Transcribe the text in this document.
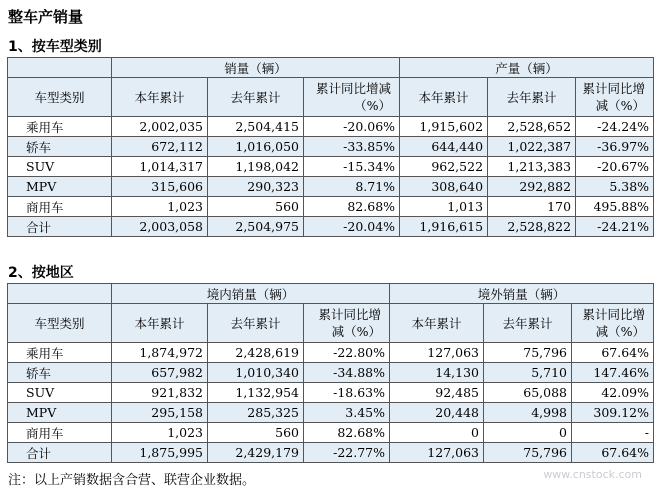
整车产销量
1、按车型类别
	销量（辆）			产量（辆）		
车型类别	本年累计	去年累计	累计同比增减（%）	本年累计	去年累计	累计同比增减（%）
乘用车	2,002,035	2,504,415	-20.06%	1,915,602	2,528,652	-24.24%
轿车	672,112	1,016,050	-33.85%	644,440	1,022,387	-36.97%
SUV	1,014,317	1,198,042	-15.34%	962,522	1,213,383	-20.67%
MPV	315,606	290,323	8.71%	308,640	292,882	5.38%
商用车	1,023	560	82.68%	1,013	170	495.88%
合计	2,003,058	2,504,975	-20.04%	1,916,615	2,528,822	-24.21%
2、按地区
	境内销量（辆）			境外销量（辆）		
车型类别	本年累计	去年累计	累计同比增减（%）	本年累计	去年累计	累计同比增减（%）
乘用车	1,874,972	2,428,619	-22.80%	127,063	75,796	67.64%
轿车	657,982	1,010,340	-34.88%	14,130	5,710	147.46%
SUV	921,832	1,132,954	-18.63%	92,485	65,088	42.09%
MPV	295,158	285,325	3.45%	20,448	4,998	309.12%
商用车	1,023	560	82.68%	0	0	-
合计	1,875,995	2,429,179	-22.77%	127,063	75,796	67.64%
注：以上产销数据含合营、联营企业数据。	www.cnstock.com
